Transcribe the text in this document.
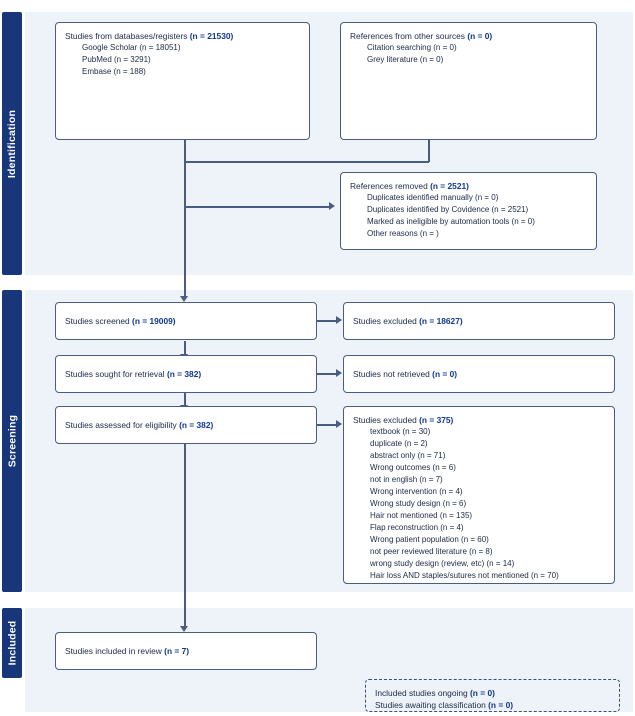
Identification
Screening
Included
Studies from databases/registers (n = 21530)
Google Scholar (n = 18051)
PubMed (n = 3291)
Embase (n = 188)
References from other sources (n = 0)
Citation searching (n = 0)
Grey literature (n = 0)
References removed (n = 2521)
Duplicates identified manually (n = 0)
Duplicates identified by Covidence (n = 2521)
Marked as ineligible by automation tools (n = 0)
Other reasons (n = )
Studies screened (n = 19009)	Studies excluded (n = 18627)
Studies sought for retrieval (n = 382)	Studies not retrieved (n = 0)
Studies assessed for eligibility (n = 382)	Studies excluded (n = 375)
textbook (n = 30)
duplicate (n = 2)
abstract only (n = 71)
Wrong outcomes (n = 6)
not in english (n = 7)
Wrong intervention (n = 4)
Wrong study design (n = 6)
Hair not mentioned (n = 135)
Flap reconstruction (n = 4)
Wrong patient population (n = 60)
not peer reviewed literature (n = 8)
wrong study design (review, etc) (n = 14)
Hair loss AND staples/sutures not mentioned (n = 70)
Studies included in review (n = 7)
Included studies ongoing (n = 0)
Studies awaiting classification (n = 0)
